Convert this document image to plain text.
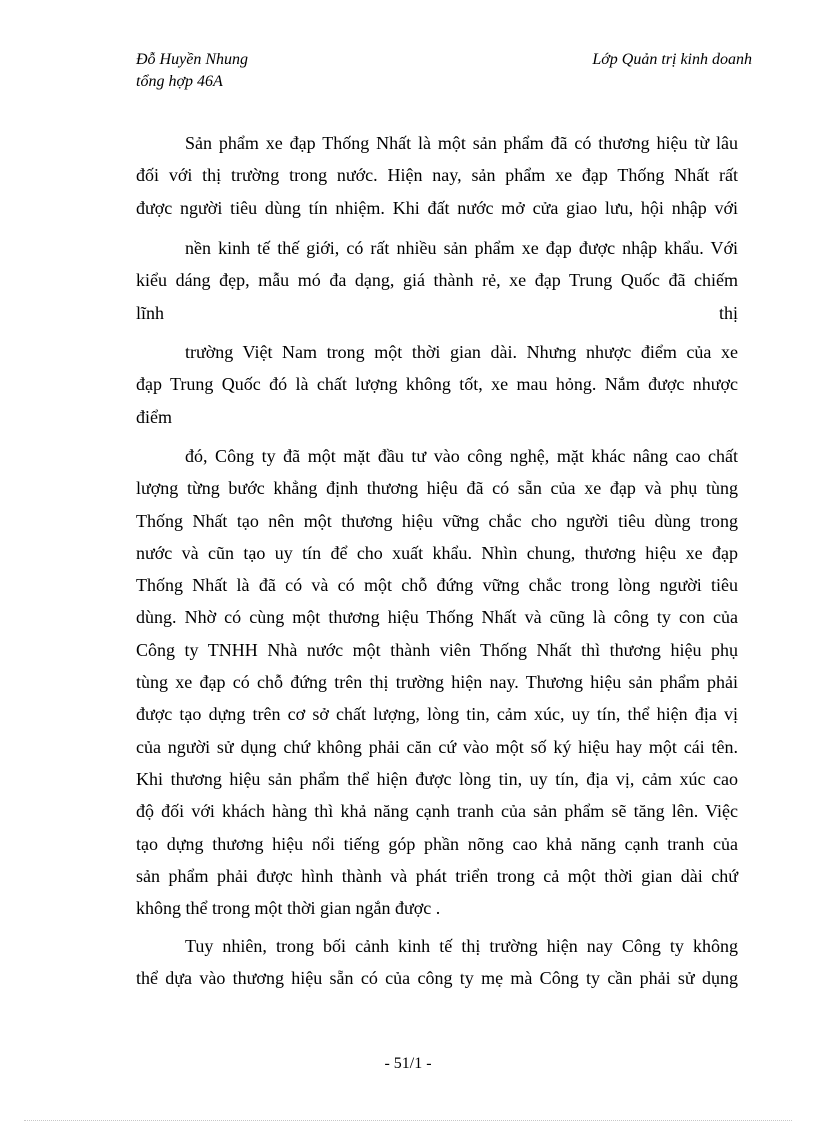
Đỗ Huyền Nhung
tổng hợp 46A
Lớp Quản trị kinh doanh
Sản phẩm xe đạp Thống Nhất là một sản phẩm đã có thương hiệu từ lâu
đối với thị trường trong nước. Hiện nay, sản phẩm xe đạp Thống Nhất rất
được người tiêu dùng tín nhiệm. Khi đất nước mở cửa giao lưu, hội nhập với
nền kinh tế thế giới, có rất nhiều sản phẩm xe đạp được nhập khẩu. Với
kiểu dáng đẹp, mẫu mó đa dạng, giá thành rẻ, xe đạp Trung Quốc đã chiếm
lĩnh thị
trường Việt Nam trong một thời gian dài. Nhưng nhược điểm của xe
đạp Trung Quốc đó là chất lượng không tốt, xe mau hỏng. Nắm được nhược
điểm
đó, Công ty đã một mặt đầu tư vào công nghệ, mặt khác nâng cao chất
lượng từng bước khẳng định thương hiệu đã có sẵn của xe đạp và phụ tùng
Thống Nhất tạo nên một thương hiệu vững chắc cho người tiêu dùng trong
nước và cũn tạo uy tín để cho xuất khẩu. Nhìn chung, thương hiệu xe đạp
Thống Nhất là đã có và có một chỗ đứng vững chắc trong lòng người tiêu
dùng. Nhờ có cùng một thương hiệu Thống Nhất và cũng là công ty con của
Công ty TNHH Nhà nước một thành viên Thống Nhất thì thương hiệu phụ
tùng xe đạp có chỗ đứng trên thị trường hiện nay. Thương hiệu sản phẩm phải
được tạo dựng trên cơ sở chất lượng, lòng tin, cảm xúc, uy tín, thể hiện địa vị
của người sử dụng chứ không phải căn cứ vào một số ký hiệu hay một cái tên.
Khi thương hiệu sản phẩm thể hiện được lòng tin, uy tín, địa vị, cảm xúc cao
độ đối với khách hàng thì khả năng cạnh tranh của sản phẩm sẽ tăng lên. Việc
tạo dựng thương hiệu nổi tiếng góp phần nõng cao khả năng cạnh tranh của
sản phẩm phải được hình thành và phát triển trong cả một thời gian dài chứ
không thể trong một thời gian ngắn được .
Tuy nhiên, trong bối cảnh kinh tế thị trường hiện nay Công ty không
thể dựa vào thương hiệu sẵn có của công ty mẹ mà Công ty cần phải sử dụng
- 51/1 -
